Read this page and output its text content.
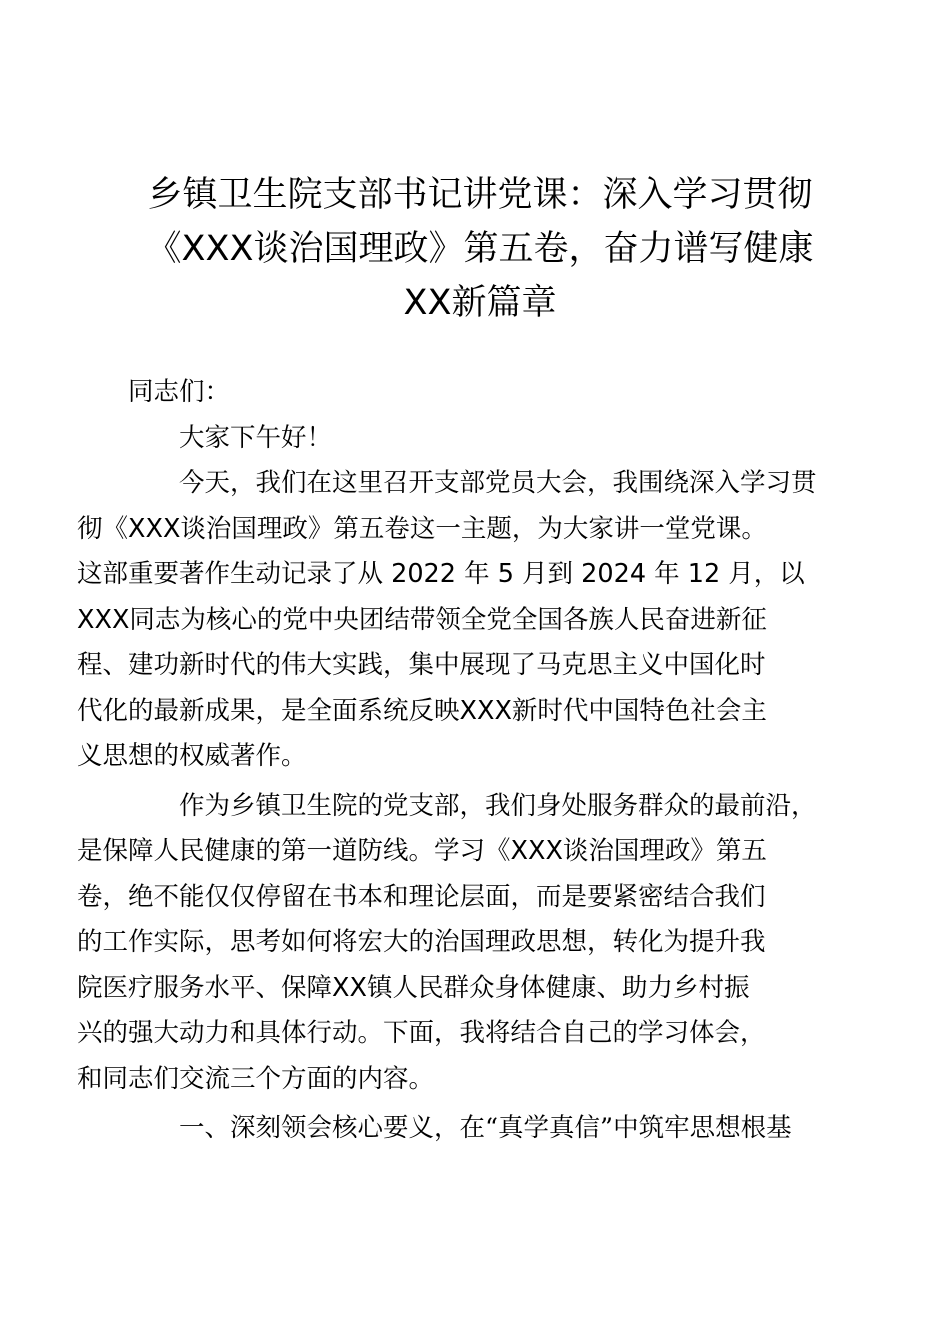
乡镇卫生院支部书记讲党课：深入学习贯彻
《XXX谈治国理政》第五卷，奋力谱写健康
XX新篇章

同志们：

大家下午好！

今天，我们在这里召开支部党员大会，我围绕深入学习贯
彻《XXX谈治国理政》第五卷这一主题，为大家讲一堂党课。
这部重要著作生动记录了从 2022 年 5 月到 2024 年 12 月，以
XXX同志为核心的党中央团结带领全党全国各族人民奋进新征
程、建功新时代的伟大实践，集中展现了马克思主义中国化时
代化的最新成果，是全面系统反映XXX新时代中国特色社会主
义思想的权威著作。

作为乡镇卫生院的党支部，我们身处服务群众的最前沿，
是保障人民健康的第一道防线。学习《XXX谈治国理政》第五
卷，绝不能仅仅停留在书本和理论层面，而是要紧密结合我们
的工作实际，思考如何将宏大的治国理政思想，转化为提升我
院医疗服务水平、保障XX镇人民群众身体健康、助力乡村振
兴的强大动力和具体行动。下面，我将结合自己的学习体会，
和同志们交流三个方面的内容。

一、深刻领会核心要义，在“真学真信”中筑牢思想根基
